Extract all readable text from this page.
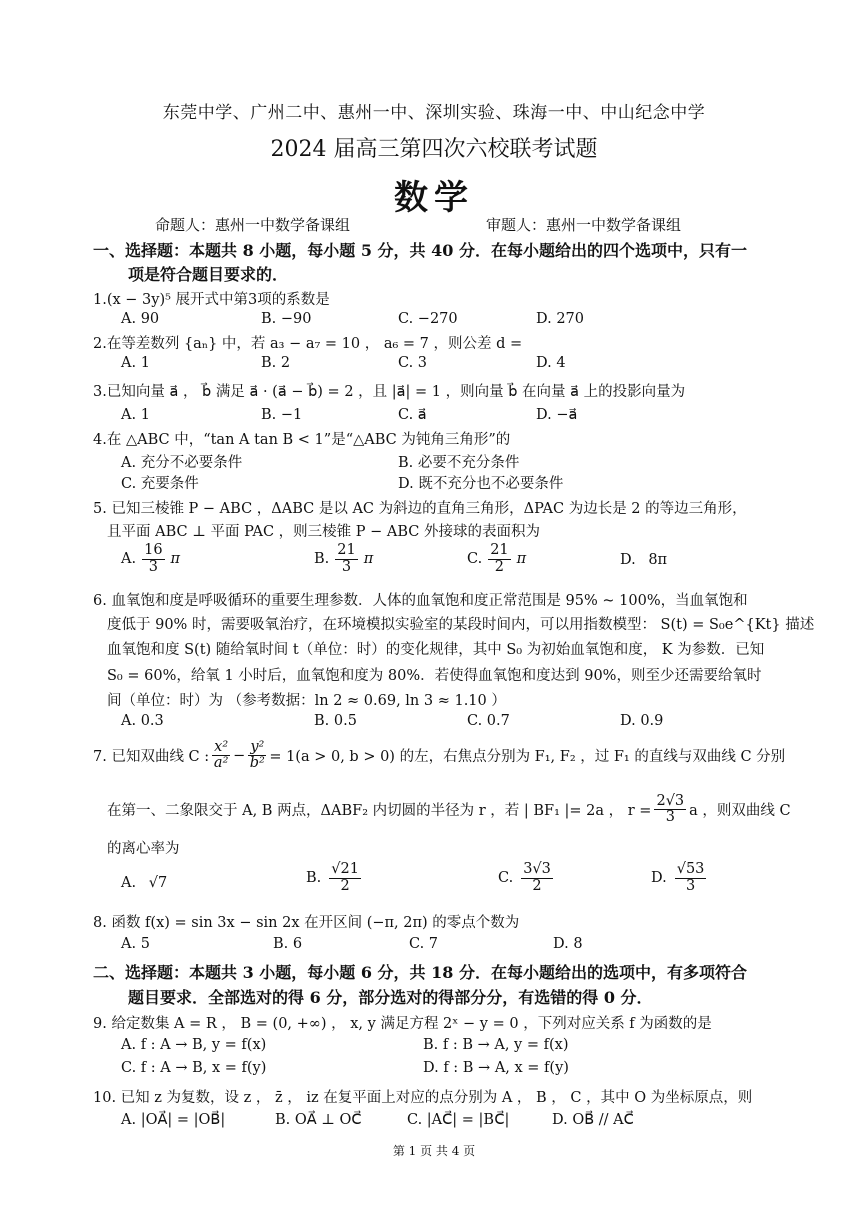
东莞中学、广州二中、惠州一中、深圳实验、珠海一中、中山纪念中学
2024 届高三第四次六校联考试题
数学
命题人：惠州一中数学备课组	审题人：惠州一中数学备课组
一、选择题：本题共 8 小题，每小题 5 分，共 40 分．在每小题给出的四个选项中，只有一
项是符合题目要求的．
1.(x − 3y)⁵ 展开式中第3项的系数是
A. 90	B. −90	C. −270	D. 270
2.在等差数列 {aₙ} 中，若 a₃ − a₇ = 10 ， a₆ = 7 ，则公差 d =
A. 1	B. 2	C. 3	D. 4
3.已知向量 a⃗ ， b⃗ 满足 a⃗ · (a⃗ − b⃗) = 2 ，且 |a⃗| = 1 ，则向量 b⃗ 在向量 a⃗ 上的投影向量为
A. 1	B. −1	C. a⃗	D. −a⃗
4.在 △ABC 中，“tan A tan B < 1”是“△ABC 为钝角三角形”的
A. 充分不必要条件	B. 必要不充分条件
C. 充要条件	D. 既不充分也不必要条件
5. 已知三棱锥 P − ABC ，ΔABC 是以 AC 为斜边的直角三角形，ΔPAC 为边长是 2 的等边三角形，
且平面 ABC ⊥ 平面 PAC ，则三棱锥 P − ABC 外接球的表面积为
A. $\frac{16}{3}$ π	B. $\frac{21}{3}$ π	C. $\frac{21}{2}$ π	D. 8π
6. 血氧饱和度是呼吸循环的重要生理参数．人体的血氧饱和度正常范围是 95% ~ 100%，当血氧饱和
度低于 90% 时，需要吸氧治疗，在环境模拟实验室的某段时间内，可以用指数模型： S(t) = S₀e^{Kt} 描述
血氧饱和度 S(t) 随给氧时间 t（单位：时）的变化规律，其中 S₀ 为初始血氧饱和度， K 为参数．已知
S₀ = 60%，给氧 1 小时后，血氧饱和度为 80%．若使得血氧饱和度达到 90%，则至少还需要给氧时
间（单位：时）为 （参考数据：ln 2 ≈ 0.69, ln 3 ≈ 1.10 ）
A. 0.3	B. 0.5	C. 0.7	D. 0.9
7. 已知双曲线 C : $\frac{\text{x²}}{\text{a²}} - \frac{\text{y²}}{\text{b²}} = 1(a > 0$, b > 0) 的左，右焦点分别为 F₁, F₂ ，过 F₁ 的直线与双曲线 C 分别
在第一、二象限交于 A, B 两点，ΔABF₂ 内切圆的半径为 r ，若 | BF₁ |= 2a ， $r = \frac{2√3}{3}$ a ，则双曲线 C
的离心率为
A. √7	B. $\frac{√21}{2}$	C. $\frac{3√3}{2}$	D. $\frac{√53}{3}$
8. 函数 f(x) = sin 3x − sin 2x 在开区间 (−π, 2π) 的零点个数为
A. 5	B. 6	C. 7	D. 8
二、选择题：本题共 3 小题，每小题 6 分，共 18 分．在每小题给出的选项中，有多项符合
题目要求．全部选对的得 6 分，部分选对的得部分分，有选错的得 0 分．
9. 给定数集 A = R ， B = (0, +∞) ， x, y 满足方程 2ˣ − y = 0 ，下列对应关系 f 为函数的是
A. f : A → B, y = f(x)	B. f : B → A, y = f(x)
C. f : A → B, x = f(y)	D. f : B → A, x = f(y)
10. 已知 z 为复数，设 z ， z̄ ， iz 在复平面上对应的点分别为 A ， B ， C ，其中 O 为坐标原点，则
A. |OA⃗| = |OB⃗|	B. OA⃗ ⊥ OC⃗	C. |AC⃗| = |BC⃗|	D. OB⃗ // AC⃗
第 1 页 共 4 页
